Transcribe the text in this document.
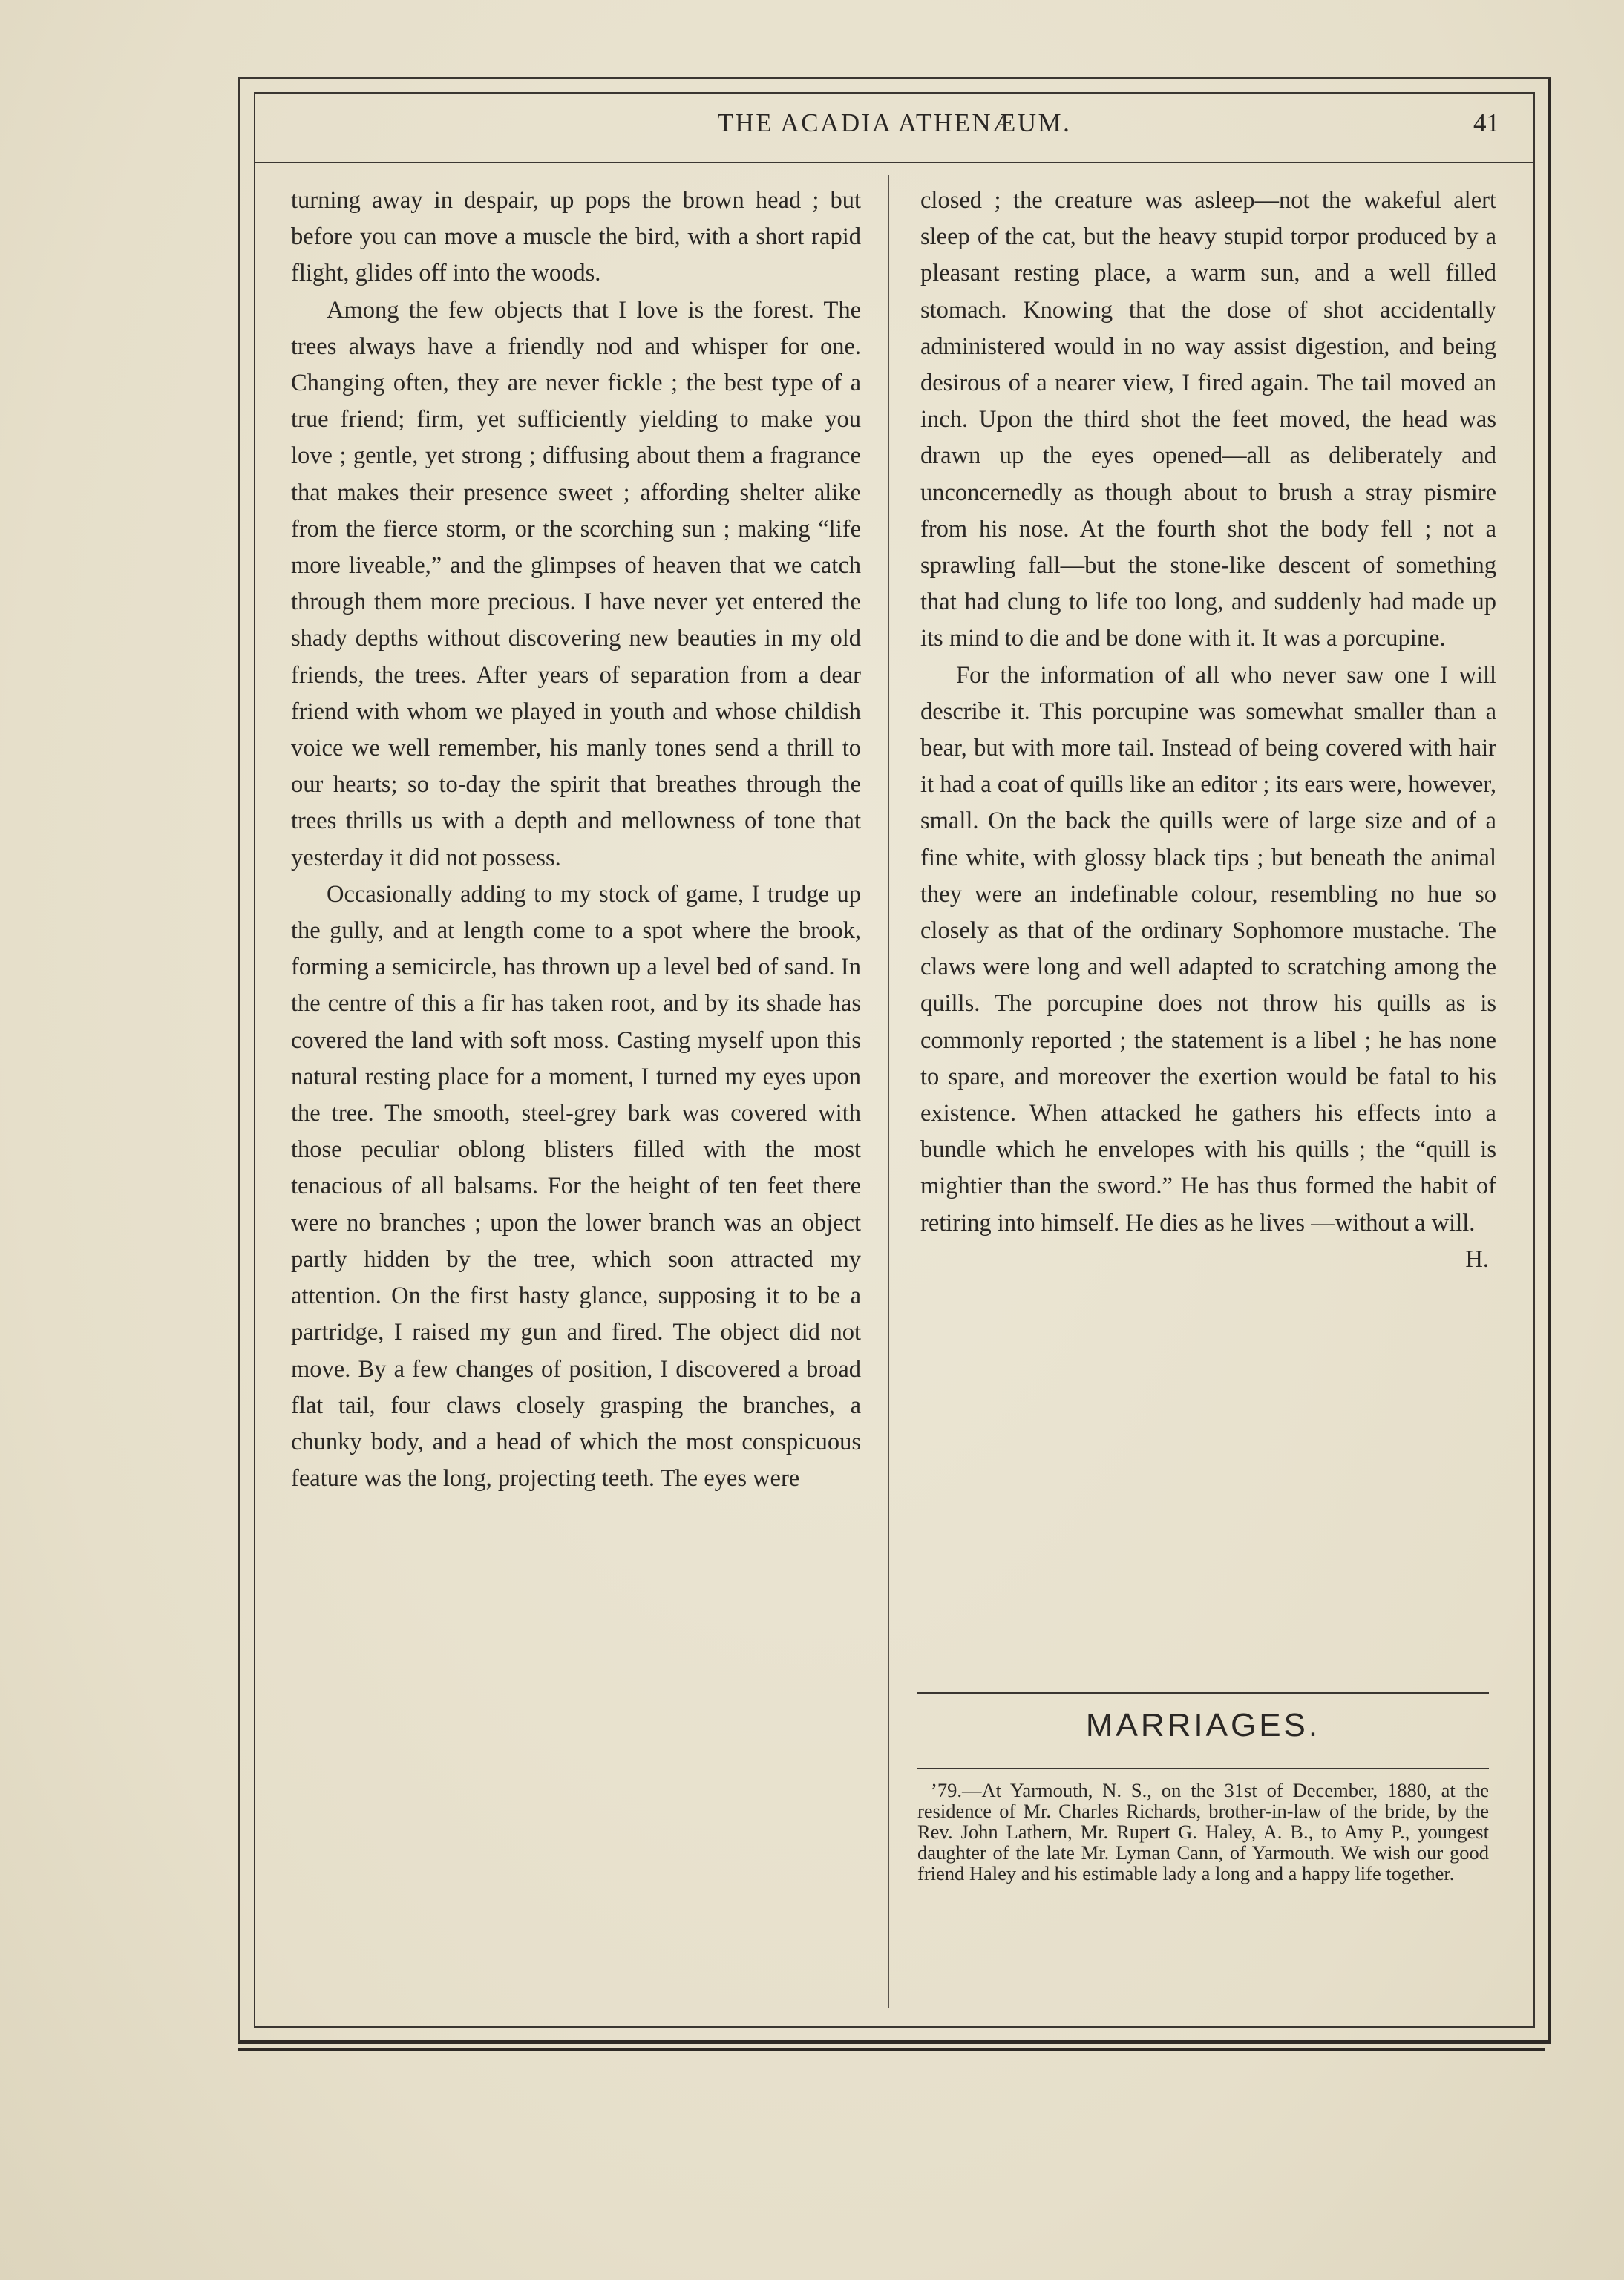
THE ACADIA ATHENÆUM.	41

turning away in despair, up pops the brown head ; but before you can move a muscle the bird, with a short rapid flight, glides off into the woods.

Among the few objects that I love is the forest. The trees always have a friendly nod and whisper for one. Changing often, they are never fickle ; the best type of a true friend; firm, yet sufficiently yielding to make you love ; gentle, yet strong ; diffusing about them a fragrance that makes their presence sweet ; affording shelter alike from the fierce storm, or the scorching sun ; making “life more liveable,” and the glimpses of heaven that we catch through them more precious. I have never yet entered the shady depths without discovering new beauties in my old friends, the trees. After years of separation from a dear friend with whom we played in youth and whose childish voice we well remember, his manly tones send a thrill to our hearts; so to-day the spirit that breathes through the trees thrills us with a depth and mellowness of tone that yesterday it did not possess.

Occasionally adding to my stock of game, I trudge up the gully, and at length come to a spot where the brook, forming a semicircle, has thrown up a level bed of sand. In the centre of this a fir has taken root, and by its shade has covered the land with soft moss. Casting myself upon this natural resting place for a moment, I turned my eyes upon the tree. The smooth, steel-grey bark was covered with those peculiar oblong blisters filled with the most tenacious of all balsams. For the height of ten feet there were no branches ; upon the lower branch was an object partly hidden by the tree, which soon attracted my attention. On the first hasty glance, supposing it to be a partridge, I raised my gun and fired. The object did not move. By a few changes of position, I discovered a broad flat tail, four claws closely grasping the branches, a chunky body, and a head of which the most conspicuous feature was the long, projecting teeth. The eyes were

closed ; the creature was asleep—not the wakeful alert sleep of the cat, but the heavy stupid torpor produced by a pleasant resting place, a warm sun, and a well filled stomach. Knowing that the dose of shot accidentally administered would in no way assist digestion, and being desirous of a nearer view, I fired again. The tail moved an inch. Upon the third shot the feet moved, the head was drawn up the eyes opened—all as deliberately and unconcernedly as though about to brush a stray pismire from his nose. At the fourth shot the body fell ; not a sprawling fall—but the stone-like descent of something that had clung to life too long, and suddenly had made up its mind to die and be done with it. It was a porcupine.

For the information of all who never saw one I will describe it. This porcupine was somewhat smaller than a bear, but with more tail. Instead of being covered with hair it had a coat of quills like an editor ; its ears were, however, small. On the back the quills were of large size and of a fine white, with glossy black tips ; but beneath the animal they were an indefinable colour, resembling no hue so closely as that of the ordinary Sophomore mustache. The claws were long and well adapted to scratching among the quills. The porcupine does not throw his quills as is commonly reported ; the statement is a libel ; he has none to spare, and moreover the exertion would be fatal to his existence. When attacked he gathers his effects into a bundle which he envelopes with his quills ; the “quill is mightier than the sword.” He has thus formed the habit of retiring into himself. He dies as he lives —without a will.
H.

MARRIAGES.

’79.—At Yarmouth, N. S., on the 31st of December, 1880, at the residence of Mr. Charles Richards, brother-in-law of the bride, by the Rev. John Lathern, Mr. Rupert G. Haley, A. B., to Amy P., youngest daughter of the late Mr. Lyman Cann, of Yarmouth. We wish our good friend Haley and his estimable lady a long and a happy life together.
